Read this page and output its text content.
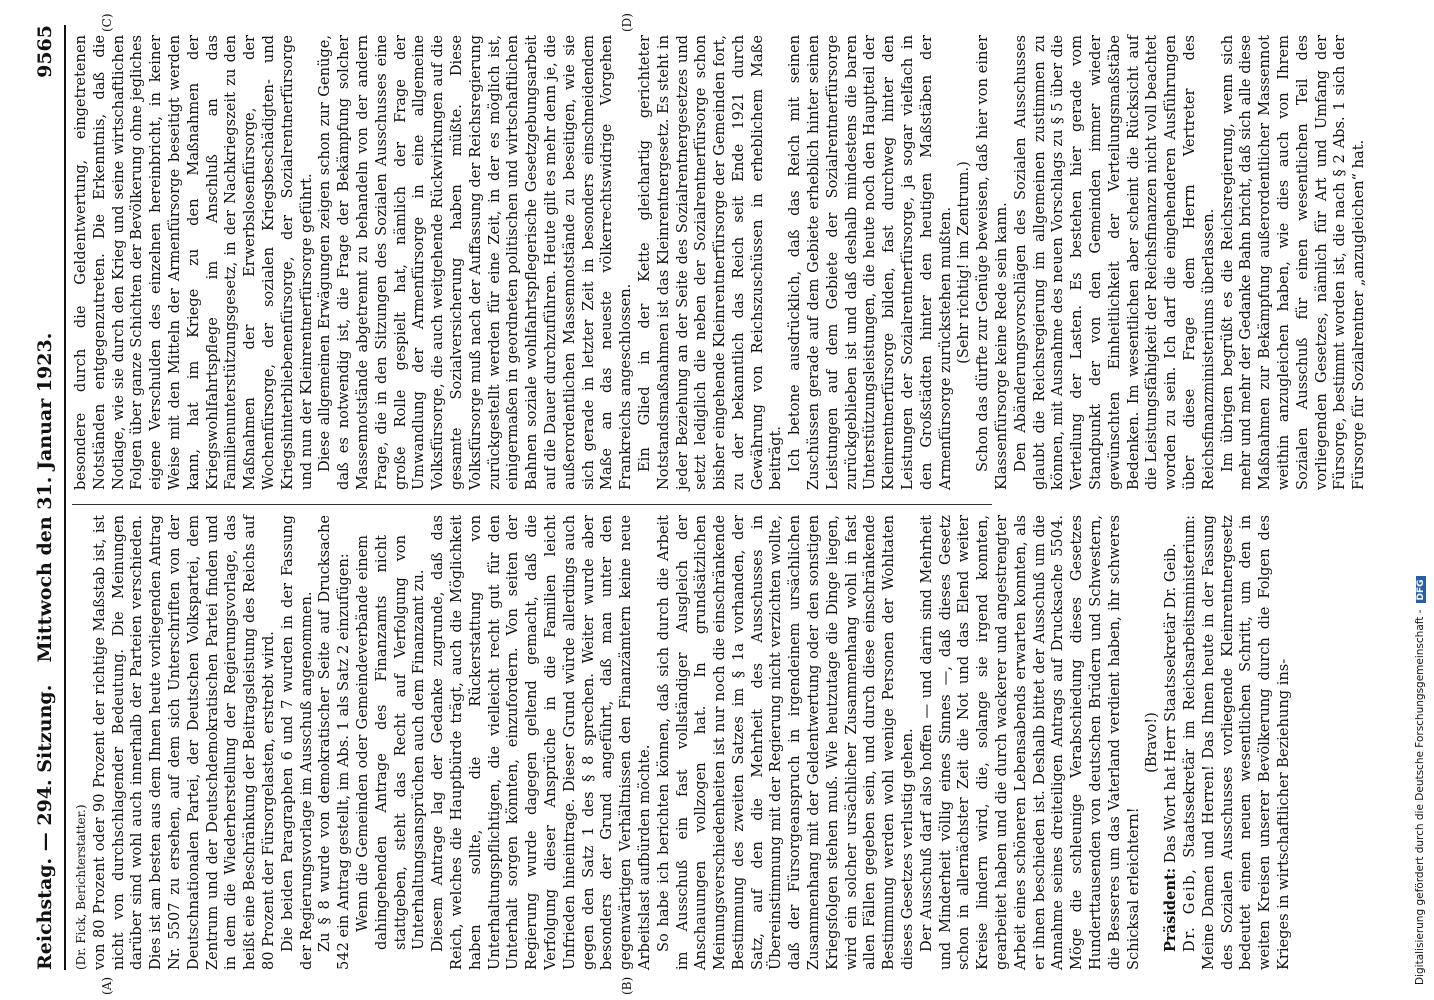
Reichstag. — 294. Sitzung.
Mittwoch den 31. Januar 1923.
9565
(A)	(B)
(C)	(D)

(Dr. Fick, Berichterstatter.) von 80 Prozent oder 90 Prozent der richtige Maßstab ist, ist nicht von durchschlagender Bedeutung. Die Meinungen darüber sind wohl auch innerhalb der Parteien verschieden. Dies ist am besten aus dem Ihnen heute vorliegenden Antrag Nr. 5507 zu ersehen, auf dem sich Unterschriften von der Deutschnationalen Partei, der Deutschen Volkspartei, dem Zentrum und der Deutschdemokratischen Partei finden und in dem die Wiederherstellung der Regierungsvorlage, das heißt eine Beschränkung der Beitragsleistung des Reichs auf 80 Prozent der Fürsorgelasten, erstrebt wird. Die beiden Paragraphen 6 und 7 wurden in der Fassung der Regierungsvorlage im Ausschuß angenommen. Zu § 8 wurde von demokratischer Seite auf Drucksache 542 ein Antrag gestellt, im Abs. 1 als Satz 2 einzufügen: Wenn die Gemeinden oder Gemeindeverbände einem dahingehenden Antrage des Finanzamts nicht stattgeben, steht das Recht auf Verfolgung von Unterhaltungsansprüchen auch dem Finanzamt zu. Diesem Antrage lag der Gedanke zugrunde, daß das Reich, welches die Hauptbürde trägt, auch die Möglichkeit haben sollte, die Rückerstattung von Unterhaltungspflichtigen, die vielleicht recht gut für den Unterhalt sorgen könnten, einzufordern. Von seiten der Regierung wurde dagegen geltend gemacht, daß die Verfolgung dieser Ansprüche in die Familien leicht Unfrieden hineintrage. Dieser Grund würde allerdings auch gegen den Satz 1 des § 8 sprechen. Weiter wurde aber besonders der Grund angeführt, daß man unter den gegenwärtigen Verhältnissen den Finanzämtern keine neue Arbeitslast aufbürden möchte. So habe ich berichten können, daß sich durch die Arbeit im Ausschuß ein fast vollständiger Ausgleich der Anschauungen vollzogen hat. In grundsätzlichen Meinungsverschiedenheiten ist nur noch die einschränkende Bestimmung des zweiten Satzes im § 1a vorhanden, der Satz, auf den die Mehrheit des Ausschusses in Übereinstimmung mit der Regierung nicht verzichten wollte, daß der Fürsorgeanspruch in irgendeinem ursächlichen Zusammenhang mit der Geldentwertung oder den sonstigen Kriegsfolgen stehen muß. Wie heutzutage die Dinge liegen, wird ein solcher ursächlicher Zusammenhang wohl in fast allen Fällen gegeben sein, und durch diese einschränkende Bestimmung werden wohl wenige Personen der Wohltaten dieses Gesetzes verlustig gehen. Der Ausschuß darf also hoffen — und darin sind Mehrheit und Minderheit völlig eines Sinnes —, daß dieses Gesetz schon in allernächster Zeit die Not und das Elend weiter Kreise lindern wird, die, solange sie irgend konnten, gearbeitet haben und die durch wackerer und angestrengter Arbeit eines schöneren Lebensabends erwarten konnten, als er ihnen beschieden ist. Deshalb bittet der Ausschuß um die Annahme seines dreiteiligen Antrags auf Drucksache 5504. Möge die schleunige Verabschiedung dieses Gesetzes Hunderttausenden von deutschen Brüdern und Schwestern, die Besseres um das Vaterland verdient haben, ihr schweres Schicksal erleichtern!

(Bravo!)

Präsident: Das Wort hat Herr Staatssekretär Dr. Geib.

Dr. Geib, Staatssekretär im Reichsarbeitsministerium: Meine Damen und Herren! Das Ihnen heute in der Fassung des Sozialen Ausschusses vorliegende Kleinrentnergesetz bedeutet einen neuen wesentlichen Schritt, um den in weiten Kreisen unserer Bevölkerung durch die Folgen des Krieges in wirtschaftlicher Beziehung ins-

besondere durch die Geldentwertung, eingetretenen Notständen entgegenzutreten. Die Erkenntnis, daß die Notlage, wie sie durch den Krieg und seine wirtschaftlichen Folgen über ganze Schichten der Bevölkerung ohne jegliches eigene Verschulden des einzelnen hereinbricht, in keiner Weise mit den Mitteln der Armenfürsorge beseitigt werden kann, hat im Kriege zu den Maßnahmen der Kriegswohlfahrtspflege im Anschluß an das Familienunterstützungsgesetz, in der Nachkriegszeit zu den Maßnahmen der Erwerbslosenfürsorge, der Wochenfürsorge, der sozialen Kriegsbeschädigten- und Kriegshinterbliebenenfürsorge, der Sozialrentnerfürsorge und nun der Kleinrentnerfürsorge geführt. Diese allgemeinen Erwägungen zeigen schon zur Genüge, daß es notwendig ist, die Frage der Bekämpfung solcher Massennotstände abgetrennt zu behandeln von der andern Frage, die in den Sitzungen des Sozialen Ausschusses eine große Rolle gespielt hat, nämlich der Frage der Umwandlung der Armenfürsorge in eine allgemeine Volksfürsorge, die auch weitgehende Rückwirkungen auf die gesamte Sozialversicherung haben müßte. Diese Volksfürsorge muß nach der Auffassung der Reichsregierung zurückgestellt werden für eine Zeit, in der es möglich ist, einigermaßen in geordneten politischen und wirtschaftlichen Bahnen soziale wohlfahrtspflegerische Gesetzgebungsarbeit auf die Dauer durchzuführen. Heute gilt es mehr denn je, die außerordentlichen Massennotstände zu beseitigen, wie sie sich gerade in letzter Zeit in besonders einschneidendem Maße an das neueste völkerrechtswidrige Vorgehen Frankreichs angeschlossen. Ein Glied in der Kette gleichartig gerichteter Notstandsmaßnahmen ist das Kleinrentnergesetz. Es steht in jeder Beziehung an der Seite des Sozialrentnergesetzes und setzt lediglich die neben der Sozialrentnerfürsorge schon bisher eingehende Kleinrentnerfürsorge der Gemeinden fort, zu der bekanntlich das Reich seit Ende 1921 durch Gewährung von Reichszuschüssen in erheblichem Maße beiträgt. Ich betone ausdrücklich, daß das Reich mit seinen Zuschüssen gerade auf dem Gebiete erheblich hinter seinen Leistungen auf dem Gebiete der Sozialrentnerfürsorge zurückgeblieben ist und daß deshalb mindestens die baren Unterstützungsleistungen, die heute noch den Hauptteil der Kleinrentnerfürsorge bilden, fast durchweg hinter den Leistungen der Sozialrentnerfürsorge, ja sogar vielfach in den Großstädten hinter den heutigen Maßstäben der Armenfürsorge zurückstehen mußten. (Sehr richtig! im Zentrum.) Schon das dürfte zur Genüge beweisen, daß hier von einer Klassenfürsorge keine Rede sein kann. Den Abänderungsvorschlägen des Sozialen Ausschusses glaubt die Reichsregierung im allgemeinen zustimmen zu können, mit Ausnahme des neuen Vorschlags zu § 5 über die Verteilung der Lasten. Es bestehen hier gerade vom Standpunkt der von den Gemeinden immer wieder gewünschten Einheitlichkeit der Verteilungsmaßstäbe Bedenken. Im wesentlichen aber scheint die Rücksicht auf die Leistungsfähigkeit der Reichsfinanzen nicht voll beachtet worden zu sein. Ich darf die eingehenderen Ausführungen über diese Frage dem Herrn Vertreter des Reichsfinanzministeriums überlassen. Im übrigen begrüßt es die Reichsregierung, wenn sich mehr und mehr der Gedanke Bahn bricht, daß sich alle diese Maßnahmen zur Bekämpfung außerordentlicher Massennot weithin anzugleichen haben, wie dies auch von Ihrem Sozialen Ausschuß für einen wesentlichen Teil des vorliegenden Gesetzes, nämlich für Art und Umfang der Fürsorge, bestimmt worden ist, die nach § 2 Abs. 1 sich der Fürsorge für Sozialrentner „anzugleichen“ hat.

Digitalisierung gefördert durch die Deutsche Forschungsgemeinschaft -DFG
